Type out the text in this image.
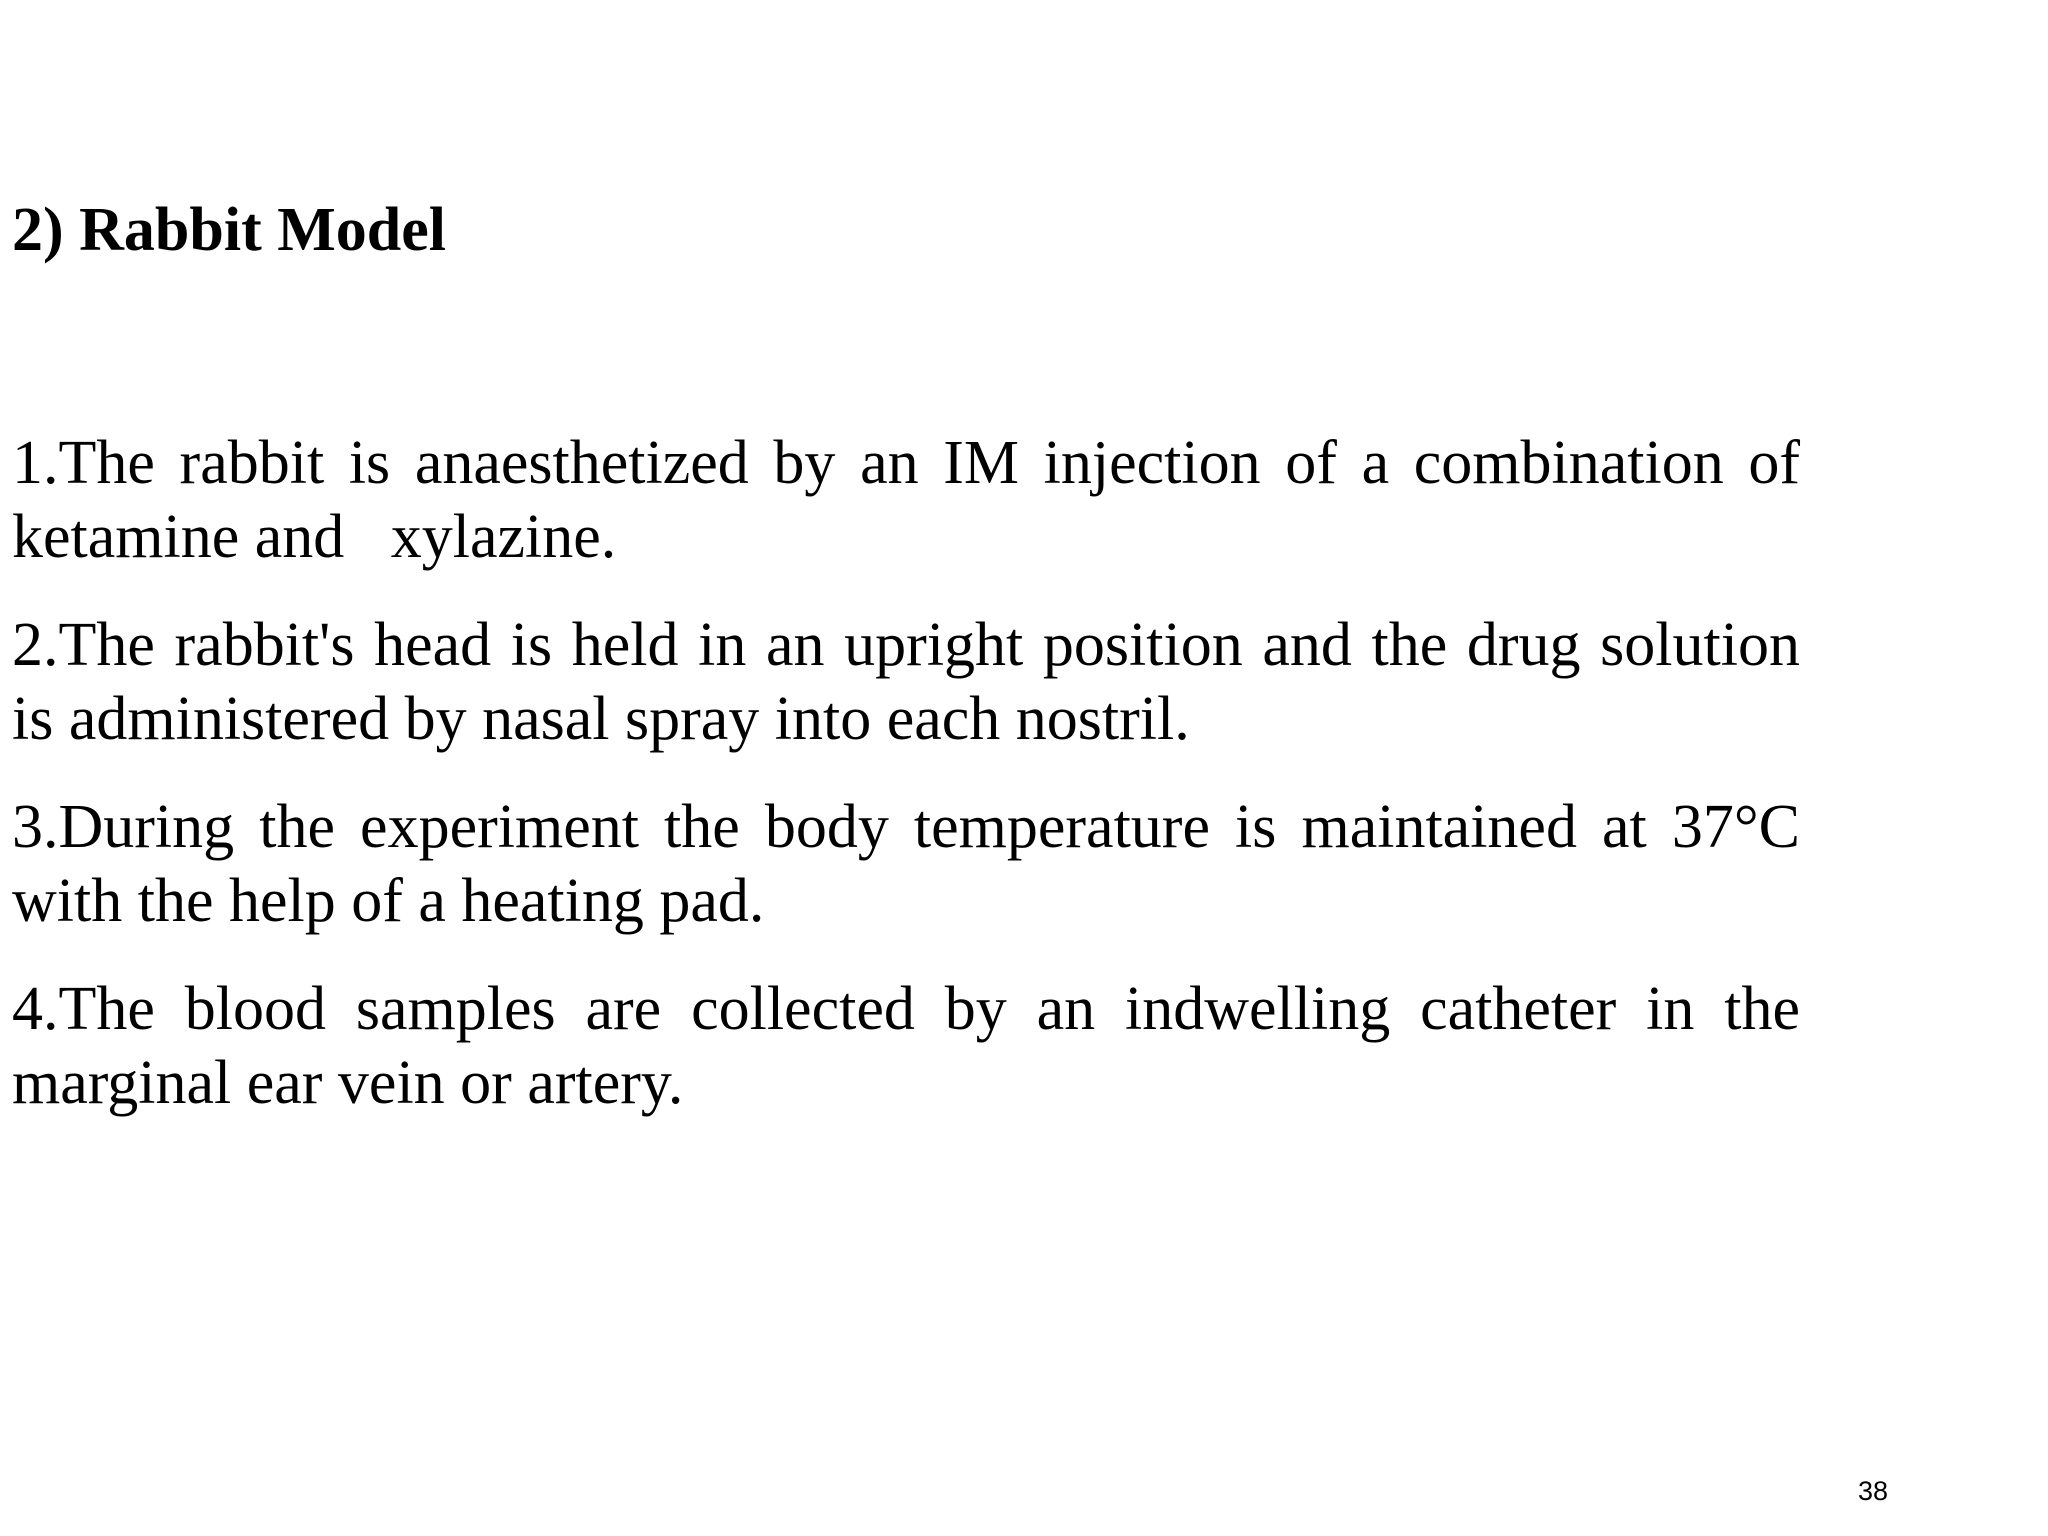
2) Rabbit Model

1.The rabbit is anaesthetized by an IM injection of a combination of ketamine and   xylazine.

2.The rabbit's head is held in an upright position and the drug solution is administered by nasal spray into each nostril.

3.During the experiment the body temperature is maintained at 37°C with the help of a heating pad.

4.The blood samples are collected by an indwelling catheter in the marginal ear vein or artery.

38
